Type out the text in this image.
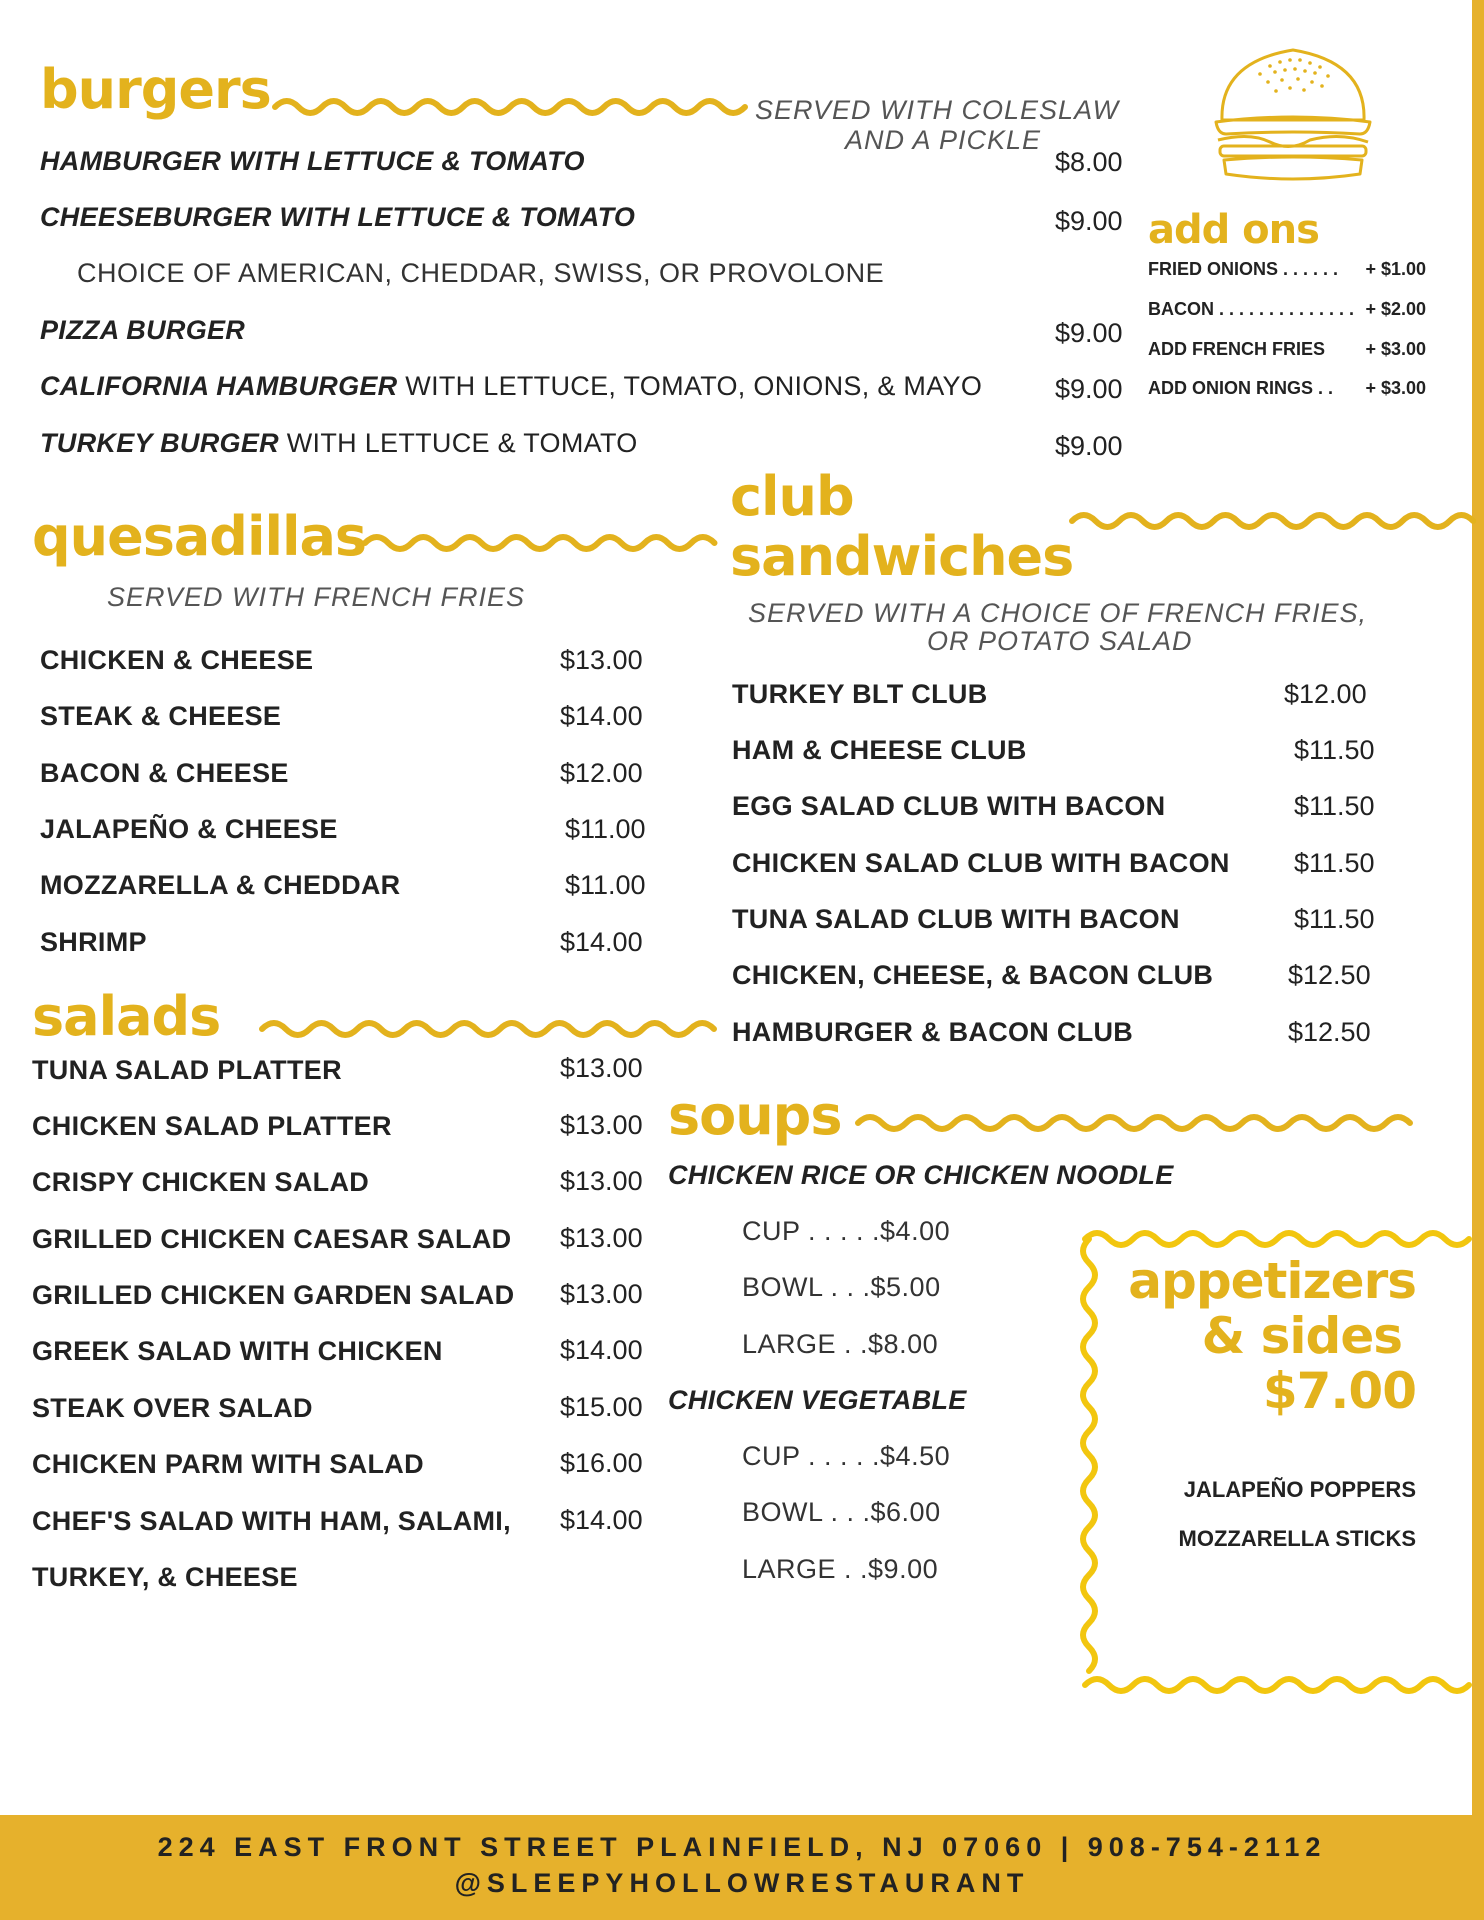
burgers	SERVED WITH COLESLAW
AND A PICKLE
HAMBURGER WITH LETTUCE & TOMATO	$8.00
CHEESEBURGER WITH LETTUCE & TOMATO	$9.00
CHOICE OF AMERICAN, CHEDDAR, SWISS, OR PROVOLONE
PIZZA BURGER	$9.00
CALIFORNIA HAMBURGER WITH LETTUCE, TOMATO, ONIONS, & MAYO	$9.00
TURKEY BURGER WITH LETTUCE & TOMATO	$9.00
add ons
FRIED ONIONS . . . . . . + $1.00
BACON . . . . . . . . . . . . . . + $2.00
ADD FRENCH FRIES + $3.00
ADD ONION RINGS . . + $3.00
quesadillas
SERVED WITH FRENCH FRIES
CHICKEN & CHEESE	$13.00
STEAK & CHEESE	$14.00
BACON & CHEESE	$12.00
JALAPEÑO & CHEESE	$11.00
MOZZARELLA & CHEDDAR	$11.00
SHRIMP	$14.00
club
sandwiches
SERVED WITH A CHOICE OF FRENCH FRIES,
OR POTATO SALAD
TURKEY BLT CLUB	$12.00
HAM & CHEESE CLUB	$11.50
EGG SALAD CLUB WITH BACON	$11.50
CHICKEN SALAD CLUB WITH BACON $11.50
TUNA SALAD CLUB WITH BACON	$11.50
CHICKEN, CHEESE, & BACON CLUB	$12.50
HAMBURGER & BACON CLUB	$12.50
salads
TUNA SALAD PLATTER	$13.00
CHICKEN SALAD PLATTER	$13.00
CRISPY CHICKEN SALAD	$13.00
GRILLED CHICKEN CAESAR SALAD $13.00
GRILLED CHICKEN GARDEN SALAD $13.00
GREEK SALAD WITH CHICKEN	$14.00
STEAK OVER SALAD	$15.00
CHICKEN PARM WITH SALAD	$16.00
CHEF'S SALAD WITH HAM, SALAMI, $14.00
TURKEY, & CHEESE
soups
CHICKEN RICE OR CHICKEN NOODLE
CUP . . . . .$4.00
BOWL . . .$5.00
LARGE . .$8.00
CHICKEN VEGETABLE
CUP . . . . .$4.50
BOWL . . .$6.00
LARGE . .$9.00
appetizers
& sides
$7.00
JALAPEÑO POPPERS
MOZZARELLA STICKS
224 EAST FRONT STREET PLAINFIELD, NJ 07060 | 908-754-2112
@SLEEPYHOLLOWRESTAURANT
